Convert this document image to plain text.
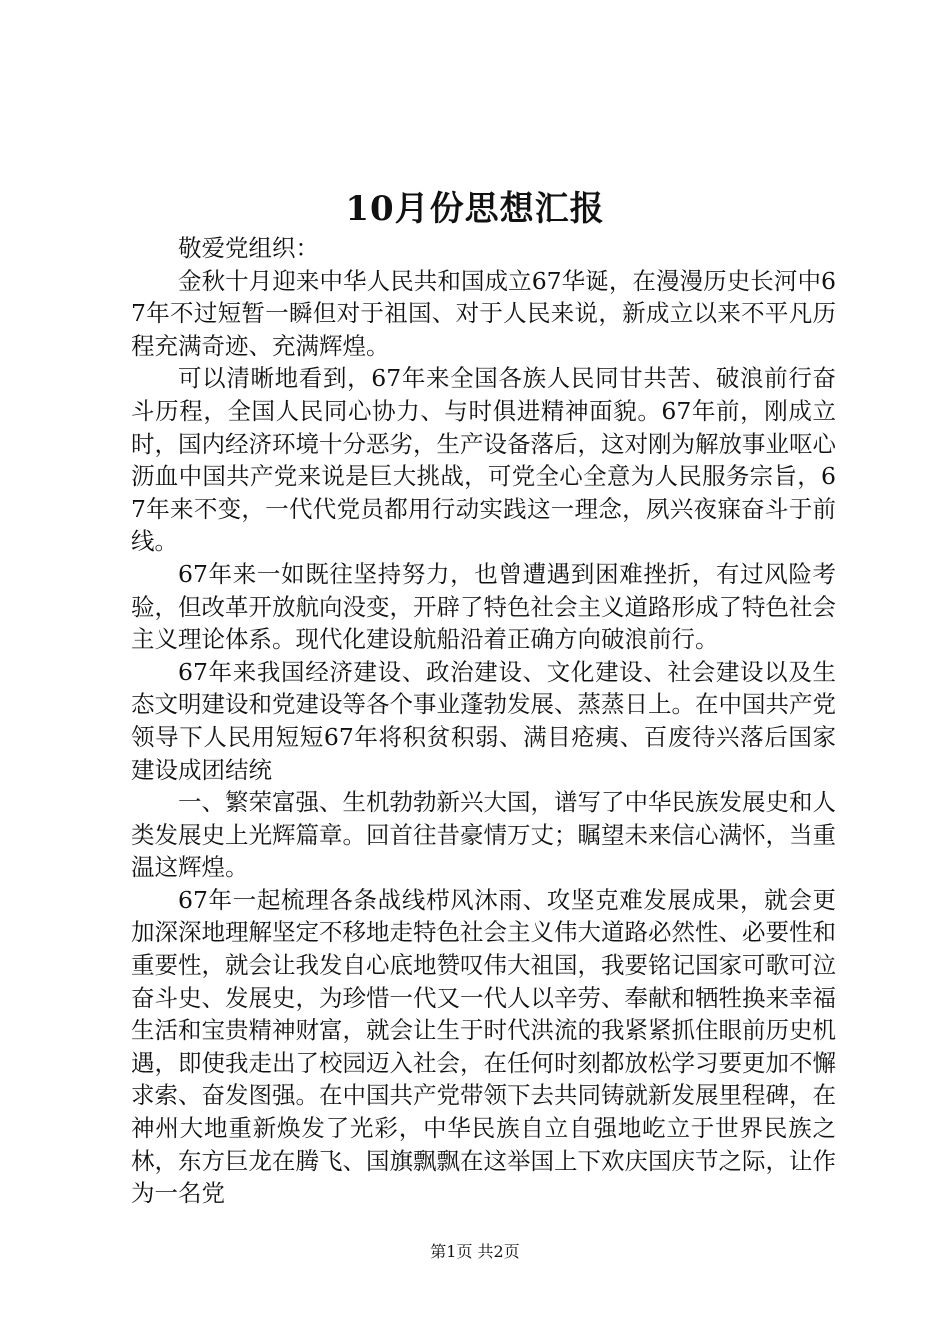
10月份思想汇报

敬爱党组织：

金秋十月迎来中华人民共和国成立67华诞，在漫漫历史长河中67年不过短暂一瞬但对于祖国、对于人民来说，新成立以来不平凡历程充满奇迹、充满辉煌。

可以清晰地看到，67年来全国各族人民同甘共苦、破浪前行奋斗历程，全国人民同心协力、与时俱进精神面貌。67年前，刚成立时，国内经济环境十分恶劣，生产设备落后，这对刚为解放事业呕心沥血中国共产党来说是巨大挑战，可党全心全意为人民服务宗旨，67年来不变，一代代党员都用行动实践这一理念，夙兴夜寐奋斗于前线。

67年来一如既往坚持努力，也曾遭遇到困难挫折，有过风险考验，但改革开放航向没变，开辟了特色社会主义道路形成了特色社会主义理论体系。现代化建设航船沿着正确方向破浪前行。

67年来我国经济建设、政治建设、文化建设、社会建设以及生态文明建设和党建设等各个事业蓬勃发展、蒸蒸日上。在中国共产党领导下人民用短短67年将积贫积弱、满目疮痍、百废待兴落后国家建设成团结统

一、繁荣富强、生机勃勃新兴大国，谱写了中华民族发展史和人类发展史上光辉篇章。回首往昔豪情万丈；瞩望未来信心满怀，当重温这辉煌。

67年一起梳理各条战线栉风沐雨、攻坚克难发展成果，就会更加深深地理解坚定不移地走特色社会主义伟大道路必然性、必要性和重要性，就会让我发自心底地赞叹伟大祖国，我要铭记国家可歌可泣奋斗史、发展史，为珍惜一代又一代人以辛劳、奉献和牺牲换来幸福生活和宝贵精神财富，就会让生于时代洪流的我紧紧抓住眼前历史机遇，即使我走出了校园迈入社会，在任何时刻都放松学习要更加不懈求索、奋发图强。在中国共产党带领下去共同铸就新发展里程碑，在神州大地重新焕发了光彩，中华民族自立自强地屹立于世界民族之林，东方巨龙在腾飞、国旗飘飘在这举国上下欢庆国庆节之际，让作为一名党

第1页 共2页
